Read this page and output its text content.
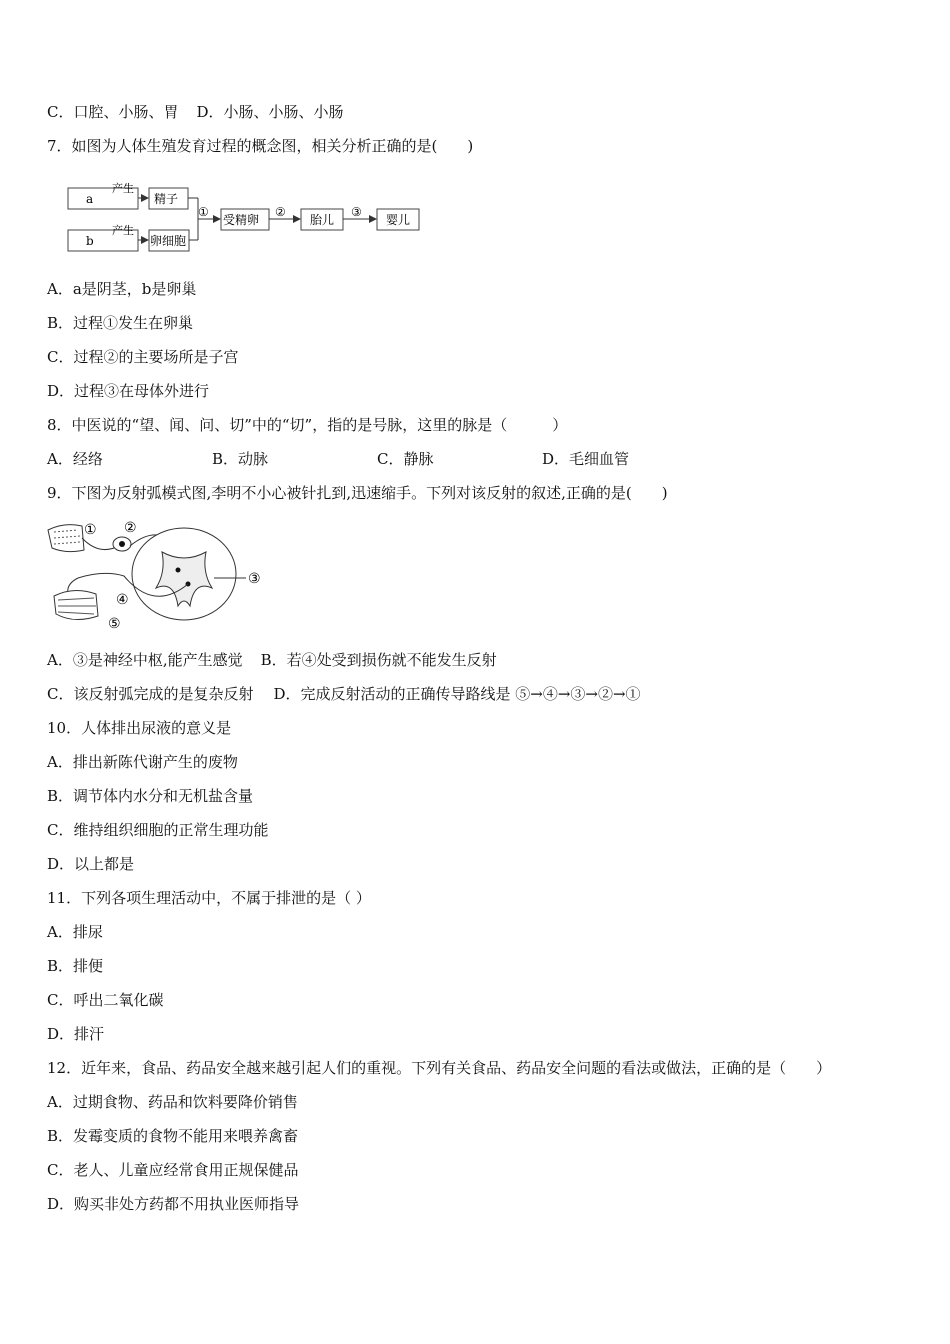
C．口腔、小肠、胃 D．小肠、小肠、小肠
7．如图为人体生殖发育过程的概念图，相关分析正确的是(　　)
a
产生
精子
b
产生
卵细胞
①
受精卵
②
胎儿
③
婴儿
A．a是阴茎，b是卵巢
B．过程①发生在卵巢
C．过程②的主要场所是子宫
D．过程③在母体外进行
8．中医说的“望、闻、问、切”中的“切”，指的是号脉，这里的脉是（　　　）
A．经络	B．动脉	C．静脉	D．毛细血管
9．下图为反射弧模式图,李明不小心被针扎到,迅速缩手。下列对该反射的叙述,正确的是(　　)
① ②
③
④
⑤
A．③是神经中枢,能产生感觉 B．若④处受到损伤就不能发生反射
C．该反射弧完成的是复杂反射 D．完成反射活动的正确传导路线是 ⑤→④→③→②→①
10．人体排出尿液的意义是
A．排出新陈代谢产生的废物
B．调节体内水分和无机盐含量
C．维持组织细胞的正常生理功能
D．以上都是
11．下列各项生理活动中，不属于排泄的是（ ）
A．排尿
B．排便
C．呼出二氧化碳
D．排汗
12．近年来，食品、药品安全越来越引起人们的重视。下列有关食品、药品安全问题的看法或做法，正确的是（　　）
A．过期食物、药品和饮料要降价销售
B．发霉变质的食物不能用来喂养禽畜
C．老人、儿童应经常食用正规保健品
D．购买非处方药都不用执业医师指导
